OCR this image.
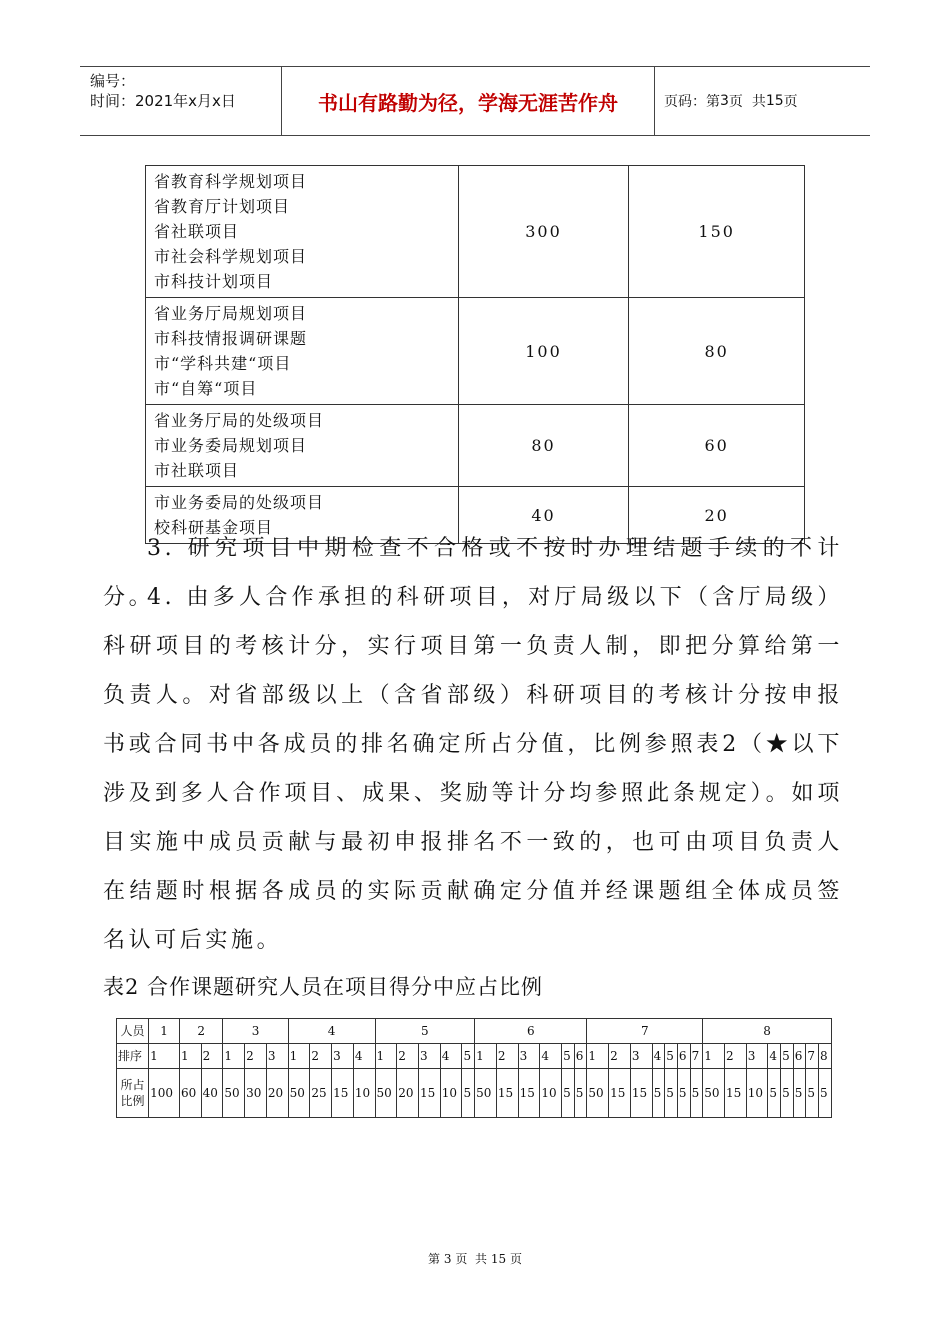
编号：
时间：2021年x月x日	书山有路勤为径，学海无涯苦作舟	页码：第 3 页  共 15 页
省教育科学规划项目
省教育厅计划项目
省社联项目
市社会科学规划项目
市科技计划项目	300	150

省业务厅局规划项目
市科技情报调研课题
市“学科共建“项目
市“自筹“项目	100	80

省业务厅局的处级项目
市业务委局规划项目
市社联项目	80	60

市业务委局的处级项目
校科研基金项目	40	20
3. 研究项目中期检查不合格或不按时办理结题手续的不计分。
4. 由多人合作承担的科研项目，对厅局级以下（含厅局级）科研项目的考核计分，实行项目第一负责人制，即把分算给第一负责人。对省部级以上（含省部级）科研项目的考核计分按申报书或合同书中各成员的排名确定所占分值，比例参照表2（★以下涉及到多人合作项目、成果、奖励等计分均参照此条规定）。如项目实施中成员贡献与最初申报排名不一致的，也可由项目负责人在结题时根据各成员的实际贡献确定分值并经课题组全体成员签名认可后实施。
表2 合作课题研究人员在项目得分中应占比例
人员	1	2		3			4				5					6						7							8							
排序	1	1	2	1	2	3	1	2	3	4	1	2	3	4	5	1	2	3	4	5	6	1	2	3	4	5	6	7	1	2	3	4	5	6	7	8
所占
比例	100	60	40	50	30	20	50	25	15	10	50	20	15	10	5	50	15	15	10	5	5	50	15	15	5	5	5	5	50	15	10	5	5	5	5	5
第 3 页  共 15 页
